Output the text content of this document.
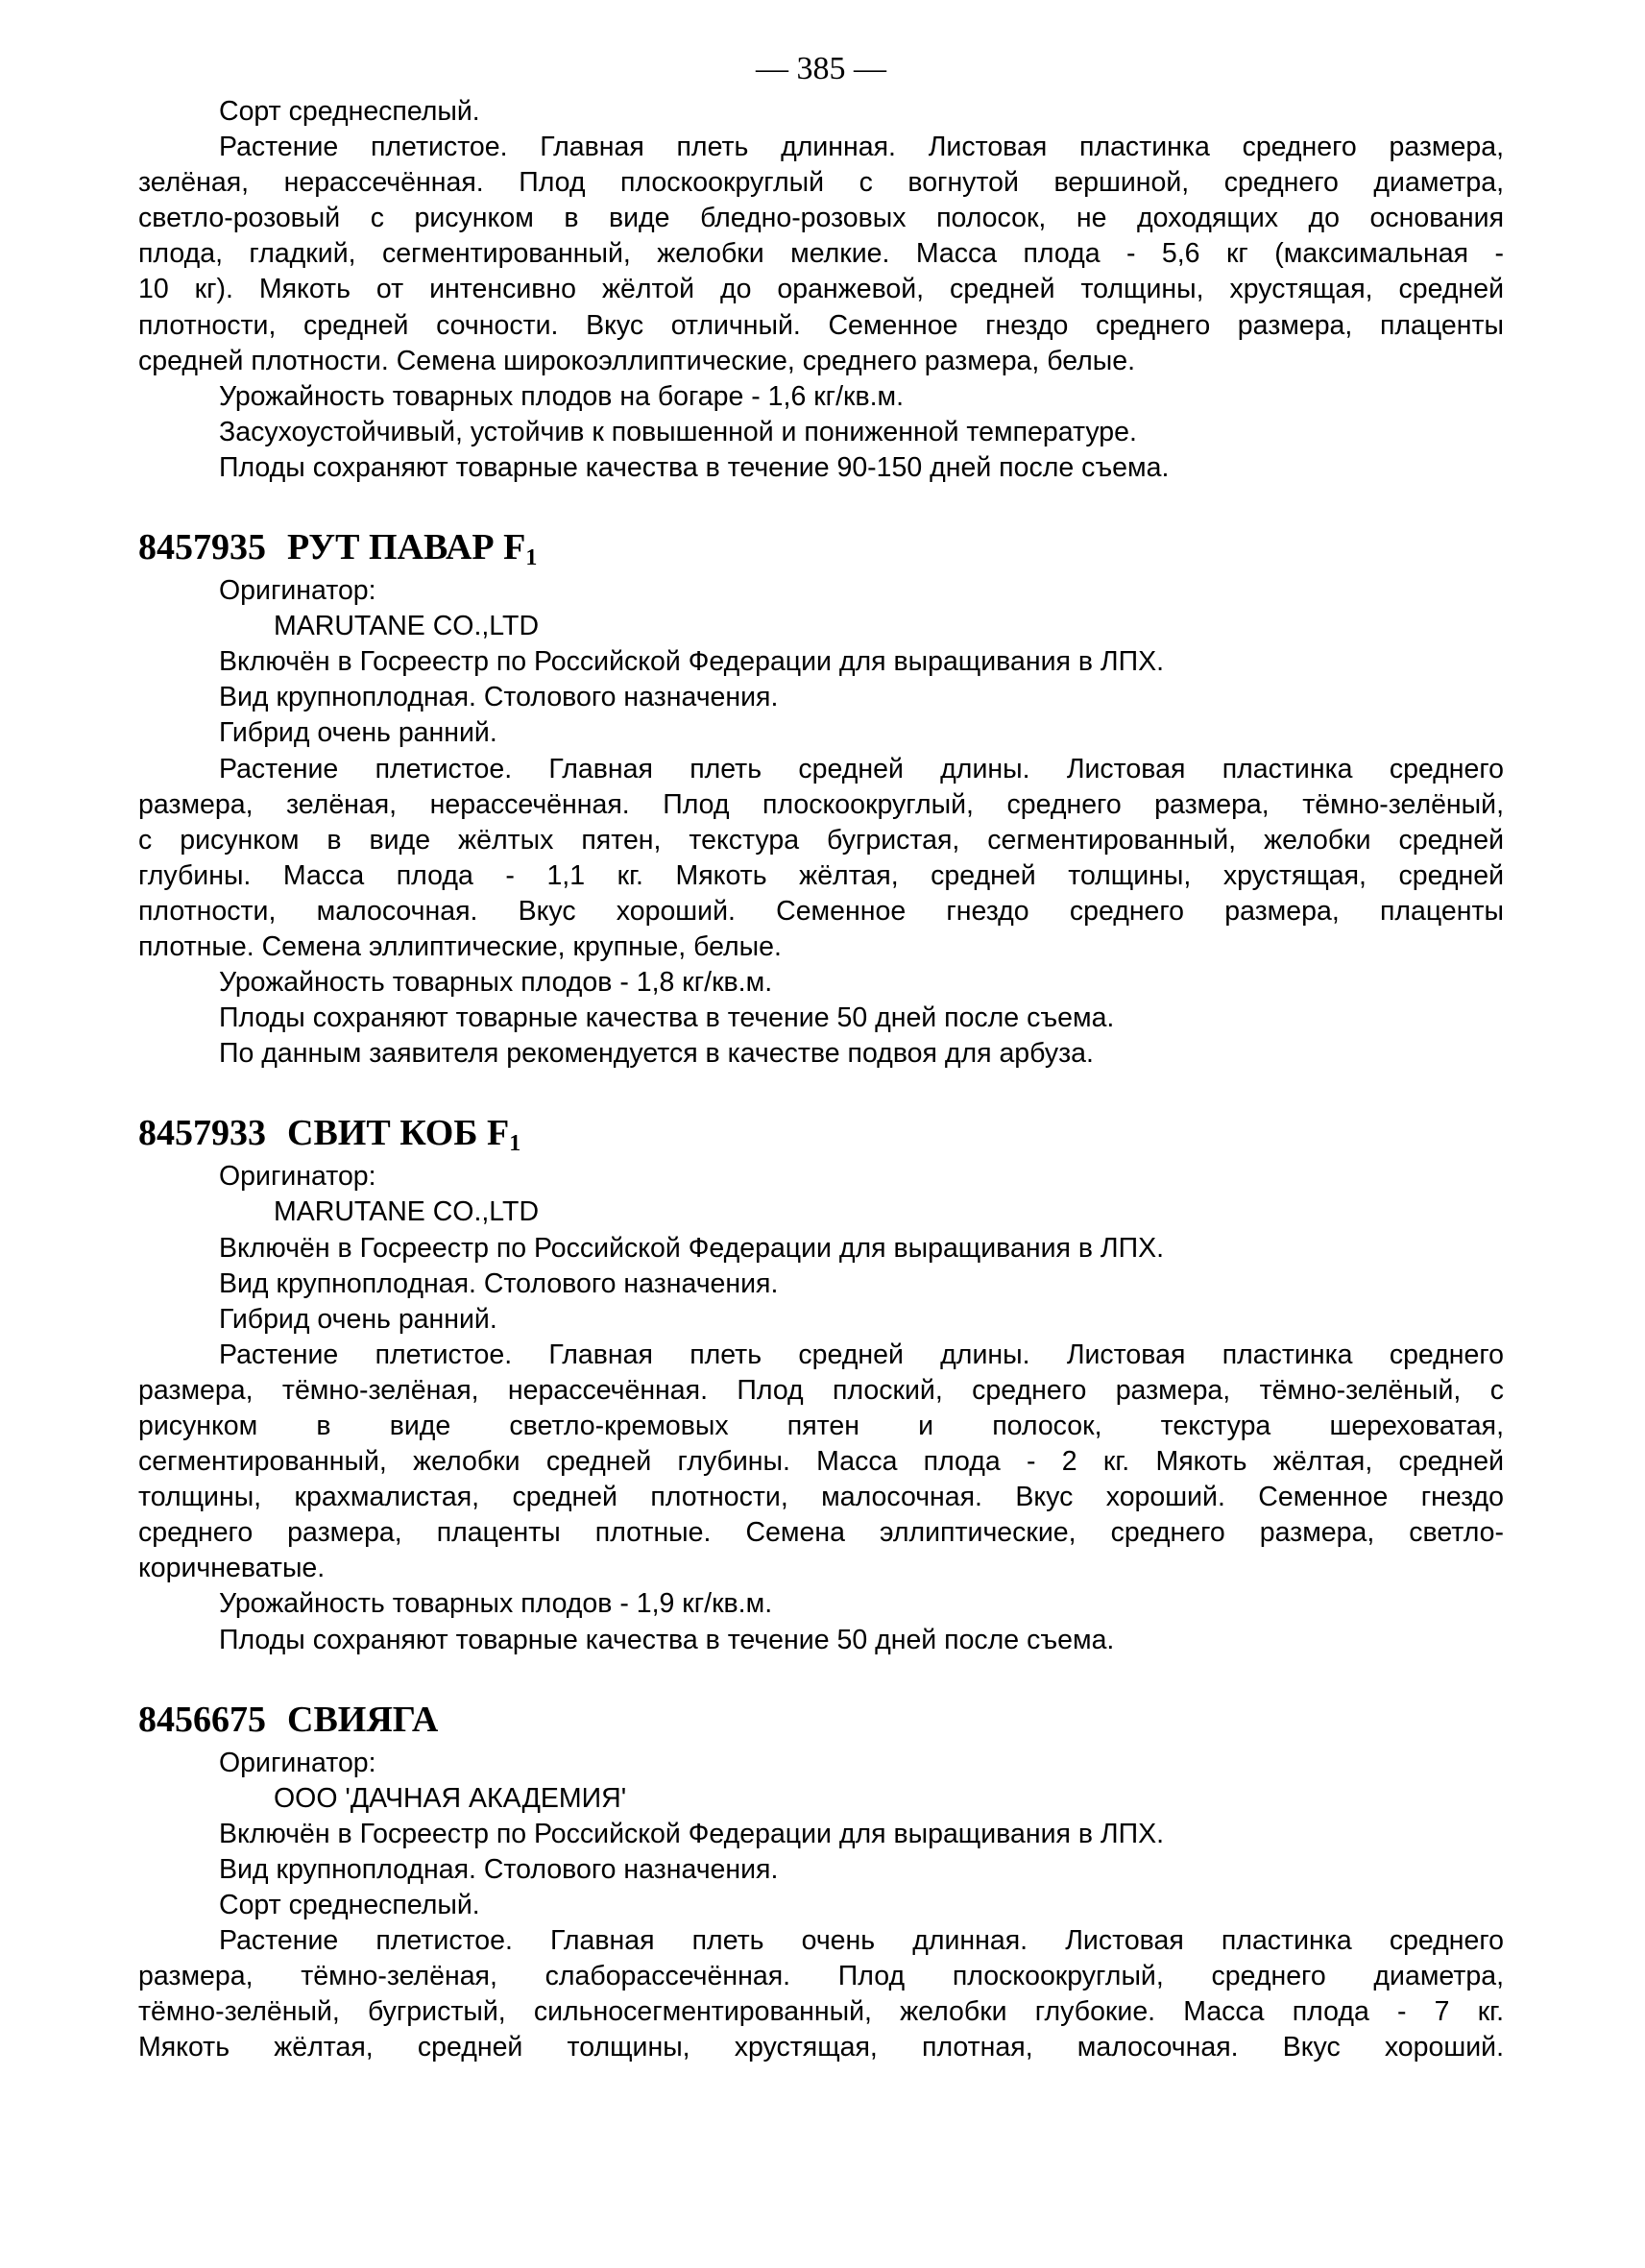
— 385 —

Сорт среднеспелый.

Растение плетистое. Главная плеть длинная. Листовая пластинка среднего размера,

зелёная, нерассечённая. Плод плоскоокруглый с вогнутой вершиной, среднего диаметра,

светло-розовый с рисунком в виде бледно-розовых полосок, не доходящих до основания

плода, гладкий, сегментированный, желобки мелкие. Масса плода - 5,6 кг (максимальная -

10 кг). Мякоть от интенсивно жёлтой до оранжевой, средней толщины, хрустящая, средней

плотности, средней сочности. Вкус отличный. Семенное гнездо среднего размера, плаценты

средней плотности. Семена широкоэллиптические, среднего размера, белые.

Урожайность товарных плодов на богаре - 1,6 кг/кв.м.

Засухоустойчивый, устойчив к повышенной и пониженной температуре.

Плоды сохраняют товарные качества в течение 90-150 дней после съема.

8457935 РУТ ПАВАР $F_1$

Оригинатор:

MARUTANE CO.,LTD

Включён в Госреестр по Российской Федерации для выращивания в ЛПХ.

Вид крупноплодная. Столового назначения.

Гибрид очень ранний.

Растение плетистое. Главная плеть средней длины. Листовая пластинка среднего

размера, зелёная, нерассечённая. Плод плоскоокруглый, среднего размера, тёмно-зелёный,

с рисунком в виде жёлтых пятен, текстура бугристая, сегментированный, желобки средней

глубины. Масса плода - 1,1 кг. Мякоть жёлтая, средней толщины, хрустящая, средней

плотности, малосочная. Вкус хороший. Семенное гнездо среднего размера, плаценты

плотные. Семена эллиптические, крупные, белые.

Урожайность товарных плодов - 1,8 кг/кв.м.

Плоды сохраняют товарные качества в течение 50 дней после съема.

По данным заявителя рекомендуется в качестве подвоя для арбуза.

8457933 СВИТ КОБ $F_1$

Оригинатор:

MARUTANE CO.,LTD

Включён в Госреестр по Российской Федерации для выращивания в ЛПХ.

Вид крупноплодная. Столового назначения.

Гибрид очень ранний.

Растение плетистое. Главная плеть средней длины. Листовая пластинка среднего

размера, тёмно-зелёная, нерассечённая. Плод плоский, среднего размера, тёмно-зелёный, с

рисунком в виде светло-кремовых пятен и полосок, текстура шереховатая,

сегментированный, желобки средней глубины. Масса плода - 2 кг. Мякоть жёлтая, средней

толщины, крахмалистая, средней плотности, малосочная. Вкус хороший. Семенное гнездо

среднего размера, плаценты плотные. Семена эллиптические, среднего размера, светло-

коричневатые.

Урожайность товарных плодов - 1,9 кг/кв.м.

Плоды сохраняют товарные качества в течение 50 дней после съема.

8456675 СВИЯГА

Оригинатор:

ООО 'ДАЧНАЯ АКАДЕМИЯ'

Включён в Госреестр по Российской Федерации для выращивания в ЛПХ.

Вид крупноплодная. Столового назначения.

Сорт среднеспелый.

Растение плетистое. Главная плеть очень длинная. Листовая пластинка среднего

размера, тёмно-зелёная, слаборассечённая. Плод плоскоокруглый, среднего диаметра,

тёмно-зелёный, бугристый, сильносегментированный, желобки глубокие. Масса плода - 7 кг.

Мякоть жёлтая, средней толщины, хрустящая, плотная, малосочная. Вкус хороший.
